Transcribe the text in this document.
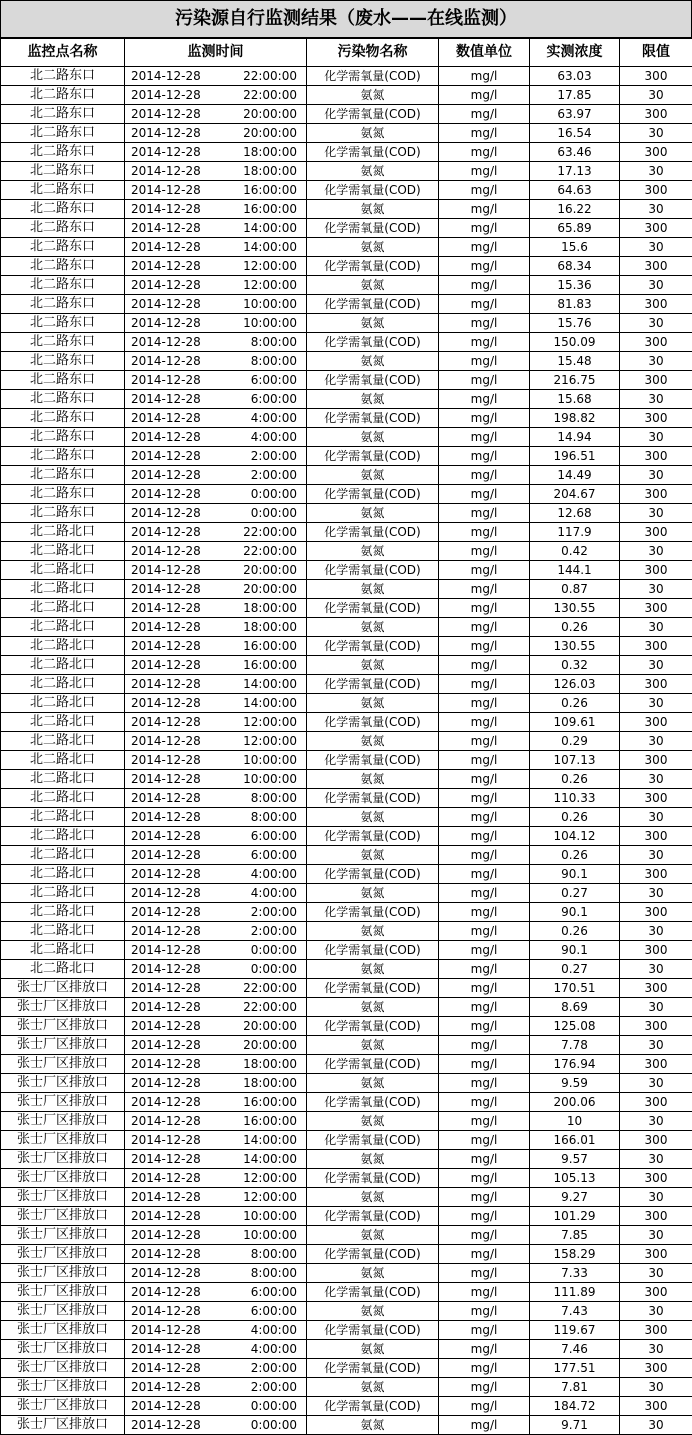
污染源自行监测结果（废水——在线监测）
监控点名称	监测时间	污染物名称	数值单位	实测浓度	限值
北二路东口	2014-12-28 22:00:00	化学需氧量(COD)	mg/l	63.03	300
北二路东口	2014-12-28 22:00:00	氨氮	mg/l	17.85	30
北二路东口	2014-12-28 20:00:00	化学需氧量(COD)	mg/l	63.97	300
北二路东口	2014-12-28 20:00:00	氨氮	mg/l	16.54	30
北二路东口	2014-12-28 18:00:00	化学需氧量(COD)	mg/l	63.46	300
北二路东口	2014-12-28 18:00:00	氨氮	mg/l	17.13	30
北二路东口	2014-12-28 16:00:00	化学需氧量(COD)	mg/l	64.63	300
北二路东口	2014-12-28 16:00:00	氨氮	mg/l	16.22	30
北二路东口	2014-12-28 14:00:00	化学需氧量(COD)	mg/l	65.89	300
北二路东口	2014-12-28 14:00:00	氨氮	mg/l	15.6	30
北二路东口	2014-12-28 12:00:00	化学需氧量(COD)	mg/l	68.34	300
北二路东口	2014-12-28 12:00:00	氨氮	mg/l	15.36	30
北二路东口	2014-12-28 10:00:00	化学需氧量(COD)	mg/l	81.83	300
北二路东口	2014-12-28 10:00:00	氨氮	mg/l	15.76	30
北二路东口	2014-12-28 8:00:00	化学需氧量(COD)	mg/l	150.09	300
北二路东口	2014-12-28 8:00:00	氨氮	mg/l	15.48	30
北二路东口	2014-12-28 6:00:00	化学需氧量(COD)	mg/l	216.75	300
北二路东口	2014-12-28 6:00:00	氨氮	mg/l	15.68	30
北二路东口	2014-12-28 4:00:00	化学需氧量(COD)	mg/l	198.82	300
北二路东口	2014-12-28 4:00:00	氨氮	mg/l	14.94	30
北二路东口	2014-12-28 2:00:00	化学需氧量(COD)	mg/l	196.51	300
北二路东口	2014-12-28 2:00:00	氨氮	mg/l	14.49	30
北二路东口	2014-12-28 0:00:00	化学需氧量(COD)	mg/l	204.67	300
北二路东口	2014-12-28 0:00:00	氨氮	mg/l	12.68	30
北二路北口	2014-12-28 22:00:00	化学需氧量(COD)	mg/l	117.9	300
北二路北口	2014-12-28 22:00:00	氨氮	mg/l	0.42	30
北二路北口	2014-12-28 20:00:00	化学需氧量(COD)	mg/l	144.1	300
北二路北口	2014-12-28 20:00:00	氨氮	mg/l	0.87	30
北二路北口	2014-12-28 18:00:00	化学需氧量(COD)	mg/l	130.55	300
北二路北口	2014-12-28 18:00:00	氨氮	mg/l	0.26	30
北二路北口	2014-12-28 16:00:00	化学需氧量(COD)	mg/l	130.55	300
北二路北口	2014-12-28 16:00:00	氨氮	mg/l	0.32	30
北二路北口	2014-12-28 14:00:00	化学需氧量(COD)	mg/l	126.03	300
北二路北口	2014-12-28 14:00:00	氨氮	mg/l	0.26	30
北二路北口	2014-12-28 12:00:00	化学需氧量(COD)	mg/l	109.61	300
北二路北口	2014-12-28 12:00:00	氨氮	mg/l	0.29	30
北二路北口	2014-12-28 10:00:00	化学需氧量(COD)	mg/l	107.13	300
北二路北口	2014-12-28 10:00:00	氨氮	mg/l	0.26	30
北二路北口	2014-12-28 8:00:00	化学需氧量(COD)	mg/l	110.33	300
北二路北口	2014-12-28 8:00:00	氨氮	mg/l	0.26	30
北二路北口	2014-12-28 6:00:00	化学需氧量(COD)	mg/l	104.12	300
北二路北口	2014-12-28 6:00:00	氨氮	mg/l	0.26	30
北二路北口	2014-12-28 4:00:00	化学需氧量(COD)	mg/l	90.1	300
北二路北口	2014-12-28 4:00:00	氨氮	mg/l	0.27	30
北二路北口	2014-12-28 2:00:00	化学需氧量(COD)	mg/l	90.1	300
北二路北口	2014-12-28 2:00:00	氨氮	mg/l	0.26	30
北二路北口	2014-12-28 0:00:00	化学需氧量(COD)	mg/l	90.1	300
北二路北口	2014-12-28 0:00:00	氨氮	mg/l	0.27	30
张士厂区排放口	2014-12-28 22:00:00	化学需氧量(COD)	mg/l	170.51	300
张士厂区排放口	2014-12-28 22:00:00	氨氮	mg/l	8.69	30
张士厂区排放口	2014-12-28 20:00:00	化学需氧量(COD)	mg/l	125.08	300
张士厂区排放口	2014-12-28 20:00:00	氨氮	mg/l	7.78	30
张士厂区排放口	2014-12-28 18:00:00	化学需氧量(COD)	mg/l	176.94	300
张士厂区排放口	2014-12-28 18:00:00	氨氮	mg/l	9.59	30
张士厂区排放口	2014-12-28 16:00:00	化学需氧量(COD)	mg/l	200.06	300
张士厂区排放口	2014-12-28 16:00:00	氨氮	mg/l	10	30
张士厂区排放口	2014-12-28 14:00:00	化学需氧量(COD)	mg/l	166.01	300
张士厂区排放口	2014-12-28 14:00:00	氨氮	mg/l	9.57	30
张士厂区排放口	2014-12-28 12:00:00	化学需氧量(COD)	mg/l	105.13	300
张士厂区排放口	2014-12-28 12:00:00	氨氮	mg/l	9.27	30
张士厂区排放口	2014-12-28 10:00:00	化学需氧量(COD)	mg/l	101.29	300
张士厂区排放口	2014-12-28 10:00:00	氨氮	mg/l	7.85	30
张士厂区排放口	2014-12-28 8:00:00	化学需氧量(COD)	mg/l	158.29	300
张士厂区排放口	2014-12-28 8:00:00	氨氮	mg/l	7.33	30
张士厂区排放口	2014-12-28 6:00:00	化学需氧量(COD)	mg/l	111.89	300
张士厂区排放口	2014-12-28 6:00:00	氨氮	mg/l	7.43	30
张士厂区排放口	2014-12-28 4:00:00	化学需氧量(COD)	mg/l	119.67	300
张士厂区排放口	2014-12-28 4:00:00	氨氮	mg/l	7.46	30
张士厂区排放口	2014-12-28 2:00:00	化学需氧量(COD)	mg/l	177.51	300
张士厂区排放口	2014-12-28 2:00:00	氨氮	mg/l	7.81	30
张士厂区排放口	2014-12-28 0:00:00	化学需氧量(COD)	mg/l	184.72	300
张士厂区排放口	2014-12-28 0:00:00	氨氮	mg/l	9.71	30
